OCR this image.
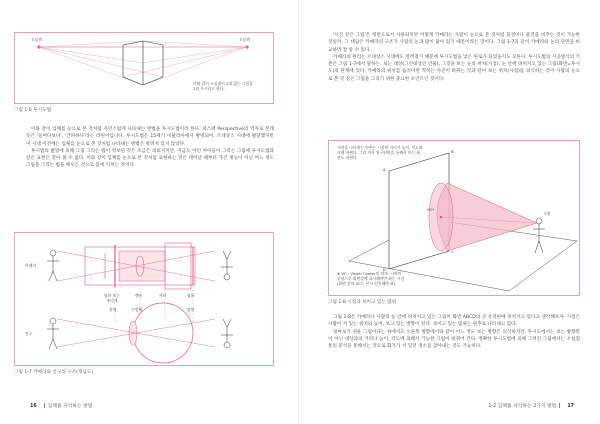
소실점	소실점
이와 같이 소실점이 2개 있는 그림을 2점 투시라고 한다.
그림 1-6 투시도법

이와 같이 입체를 눈으로 본 것처럼 자연스럽게 나타내는 방법을 투시도법이라 한다. 퍼스펙 Perspective의 역자로 본래 뜻은 '들여다보다', '간파하다'라는 라틴어입니다. 투시도법은 15세기 이탈리아에서 발명되어, 르네상스 시대에 발달했지만 이 시대 이전에는 입체를 눈으로 본 것처럼 나타내는 방법은 알려져 있지 않았다.

투시법의 발명에 의해 그림 그리는 법이 정보된 것은 조금은 의외지지만, 지금도 어린 아이들이 그리는 그림에 투시도법과 같은 표현은 찾아 볼 수 없다. 이와 같이 입체를 눈으로 본 것처럼 표현하는 것은 테어날 때부터 가진 재능이 아닌 어느 정도 그림을 그리는 법을 배우는 것으로 몸에 익히는 것이다.

카메라
안구
필터 또는 조리개
렌즈	셔터	필름
홍채	수정체	망막
그림 1-7 카메라와 안구의 구조(개념도)
16 입체를 파악하는 방법

'사진 같은 그림'은 정면으로서 사용되지만 어떻게 카메라는 사람이 눈으로 본 것처럼 풍경이나 물건을 비추는 것이 가능한 것일까. 그 대답은 카메라의 구조가 사람의 눈과 많이 닮아 있기 때문이라는 것이다. 그림 1-7과 같이 카메라와 눈의 단면을 비교하면 잘 알 수 있다.

카메라의 원리는 르네상스 시대에도 알려졌기 때문에 투시도법을 낳은 원로가 되었을지도 모른다. 투시도법의 시공방식의 기본은 그림 1-7에서 말하는, 보는 대상(그린대상인 인물), 그것을 보는 눈의 위치(시점), 눈 안에 비쳐지고 있는 그림(화면=투시도)의 관계에 있다. 카메라의 위치를 움직이면 찍히는 사진이 바뀌는 것과 같이 보는 위치(시점)를 의식하는 것이 사람의 눈으로 본 것 같은 그림을 그리기 위한 중요한 포인트인 것이다.

시야를 나타내는 원추는 시점의 거리가 높이, 각도와 크게 바뀐다. 그리 이사 원구단면을 통해서 보는 화면도 바뀐다.
VC*
A
B
C
D
시점
※ VC : Visual Center의 약자. 시야의 중심으로 화면상에 표시해야만 하는 시선(화면 상의 VC는 본시 인지해야 하).
그림 1-8 시점과 보이고 있는 범위

그림 1-8은 카메라나 사람의 눈 안에 비쳐지고 있는 그림이 화면 ABCD의 큰 유리판에 비쳐지고 있다고 생각해보자. 시점은 사람이 서 있는 위치와 높이, 보고 있는 방향이 된다. 보이고 있는 범위는 원추로 나타내고 있다.

얼마보기 쉬운 그림이다는 위에서도 오른쪽 방향에서와 같이 어느 정도 보는 방향은 의식하지만, 투시도에서는 보는 방향만이 아닌 대상과의 거리나 높이, 각도에 의해서 가능한 그림이 바뀌어 간다. 정확한 투시도법에 의해 그려진 그림에서는 소실점 통의 분석을 통해서는 것으로 화가가 서 있던 정소를 찾아내는 것도 가능하다.

1-2 입체를 파악하는 2가지 방법 17
